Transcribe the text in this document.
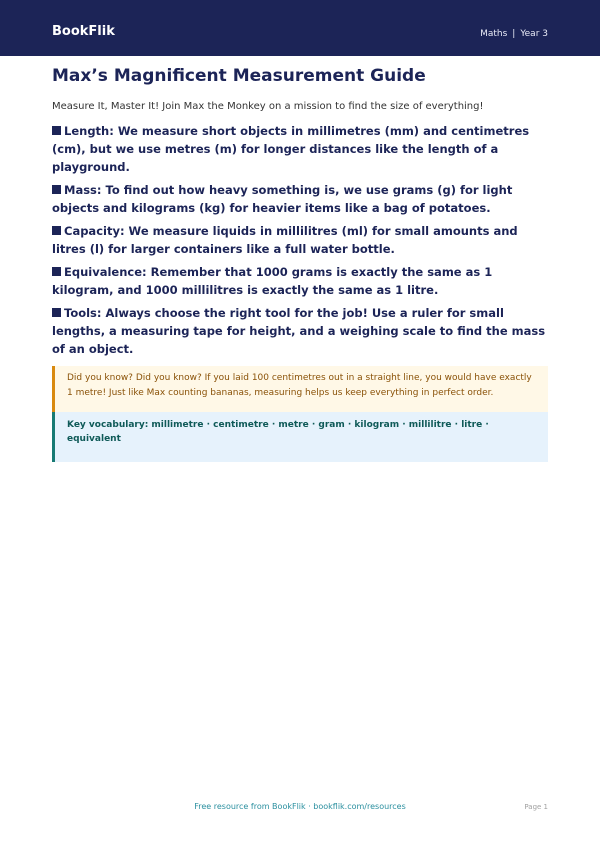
BookFlik	Maths | Year 3
Max’s Magnificent Measurement Guide

Measure It, Master It! Join Max the Monkey on a mission to find the size of everything!

Length: We measure short objects in millimetres (mm) and centimetres (cm), but we use metres (m) for longer distances like the length of a playground.
Mass: To find out how heavy something is, we use grams (g) for light objects and kilograms (kg) for heavier items like a bag of potatoes.
Capacity: We measure liquids in millilitres (ml) for small amounts and litres (l) for larger containers like a full water bottle.
Equivalence: Remember that 1000 grams is exactly the same as 1 kilogram, and 1000 millilitres is exactly the same as 1 litre.
Tools: Always choose the right tool for the job! Use a ruler for small lengths, a measuring tape for height, and a weighing scale to find the mass of an object.
Did you know? Did you know? If you laid 100 centimetres out in a straight line, you would have exactly 1 metre! Just like Max counting bananas, measuring helps us keep everything in perfect order.
Key vocabulary: millimetre · centimetre · metre · gram · kilogram · millilitre · litre · equivalent
Free resource from BookFlik · bookflik.com/resources	Page 1
